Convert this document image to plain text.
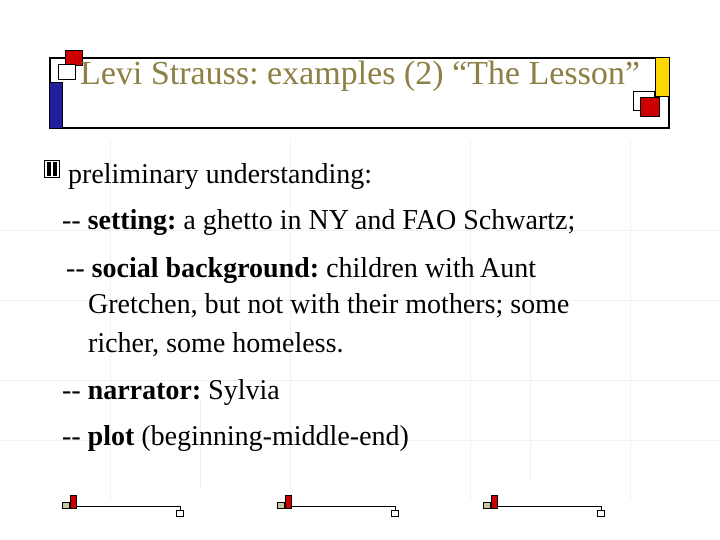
Levi Strauss: examples (2) “The Lesson”
preliminary understanding:
-- setting: a ghetto in NY and FAO Schwartz;
-- social background: children with Aunt
Gretchen, but not with their mothers; some
richer, some homeless.
-- narrator: Sylvia
-- plot (beginning-middle-end)
